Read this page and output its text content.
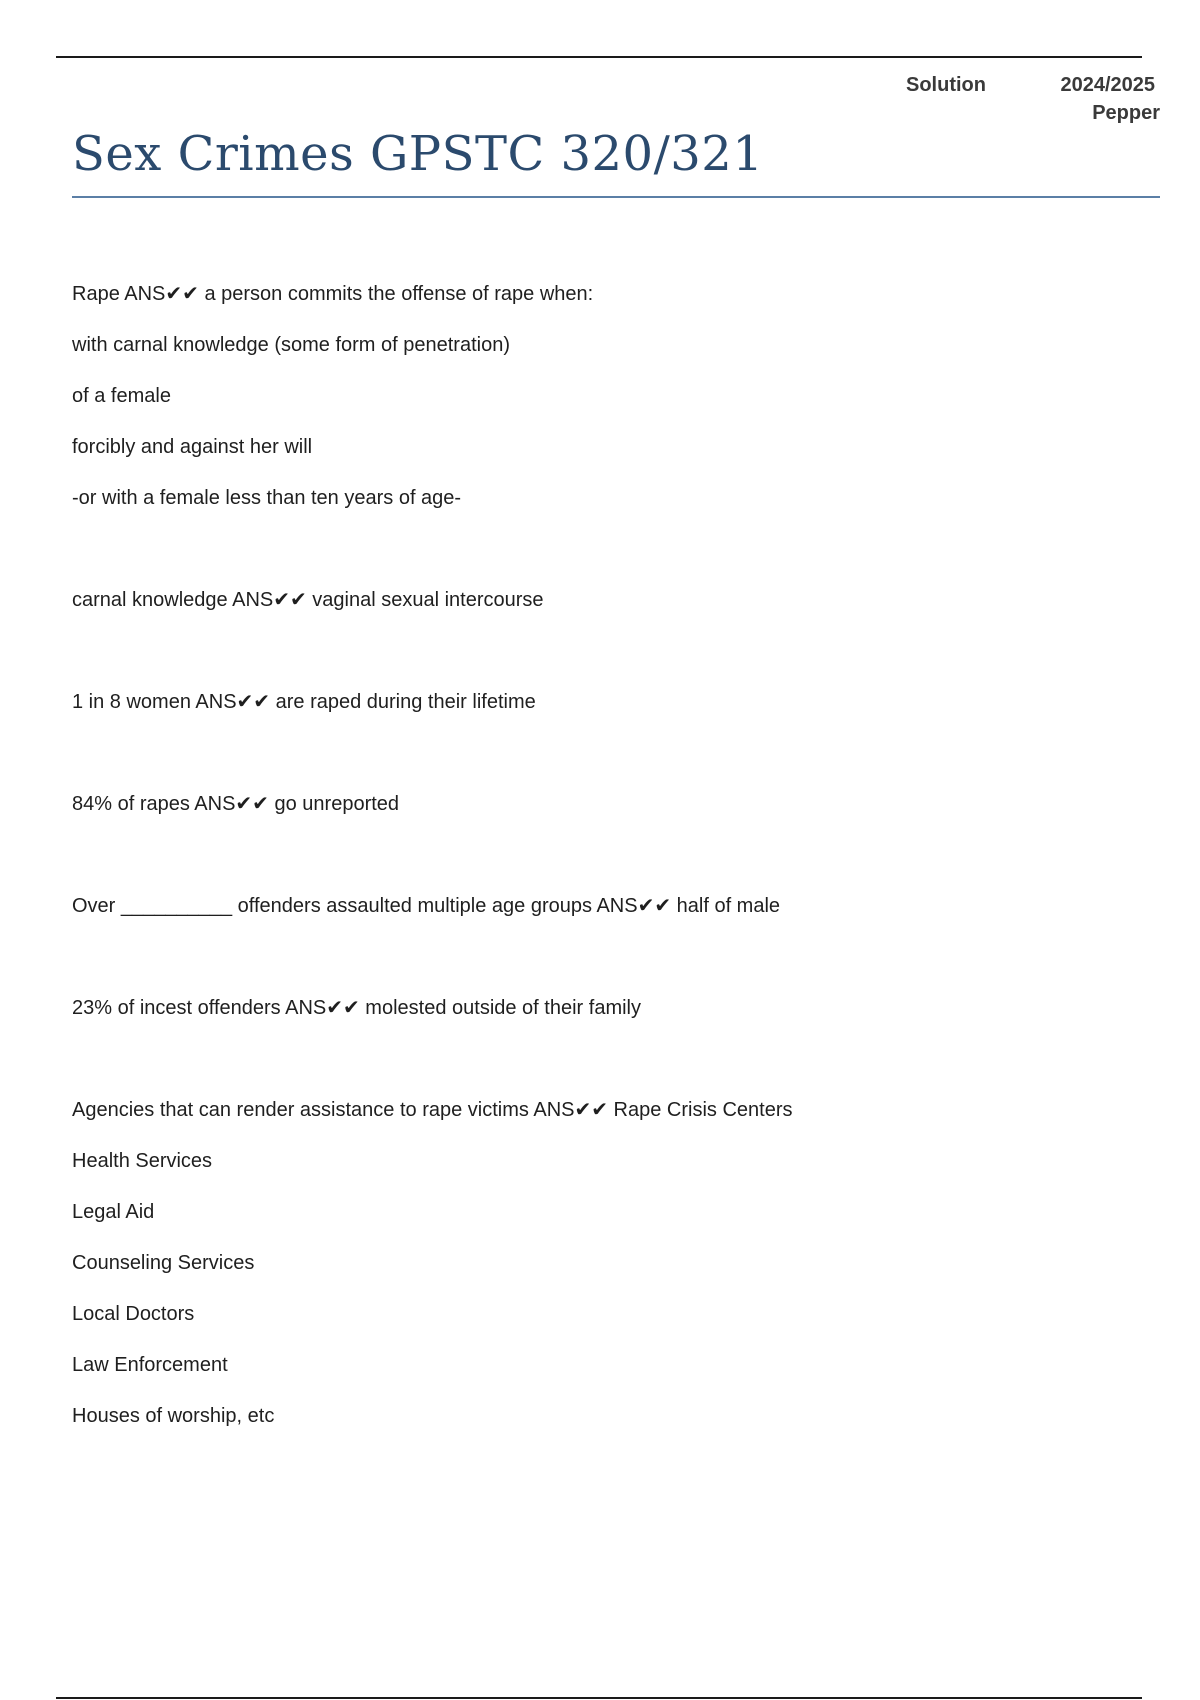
Solution	2024/2025
Pepper
Sex Crimes GPSTC 320/321
Rape ANS✔✔ a person commits the offense of rape when:
with carnal knowledge (some form of penetration)
of a female
forcibly and against her will
-or with a female less than ten years of age-
carnal knowledge ANS✔✔ vaginal sexual intercourse
1 in 8 women ANS✔✔ are raped during their lifetime
84% of rapes ANS✔✔ go unreported
Over __________ offenders assaulted multiple age groups ANS✔✔ half of male
23% of incest offenders ANS✔✔ molested outside of their family
Agencies that can render assistance to rape victims ANS✔✔ Rape Crisis Centers
Health Services
Legal Aid
Counseling Services
Local Doctors
Law Enforcement
Houses of worship, etc
